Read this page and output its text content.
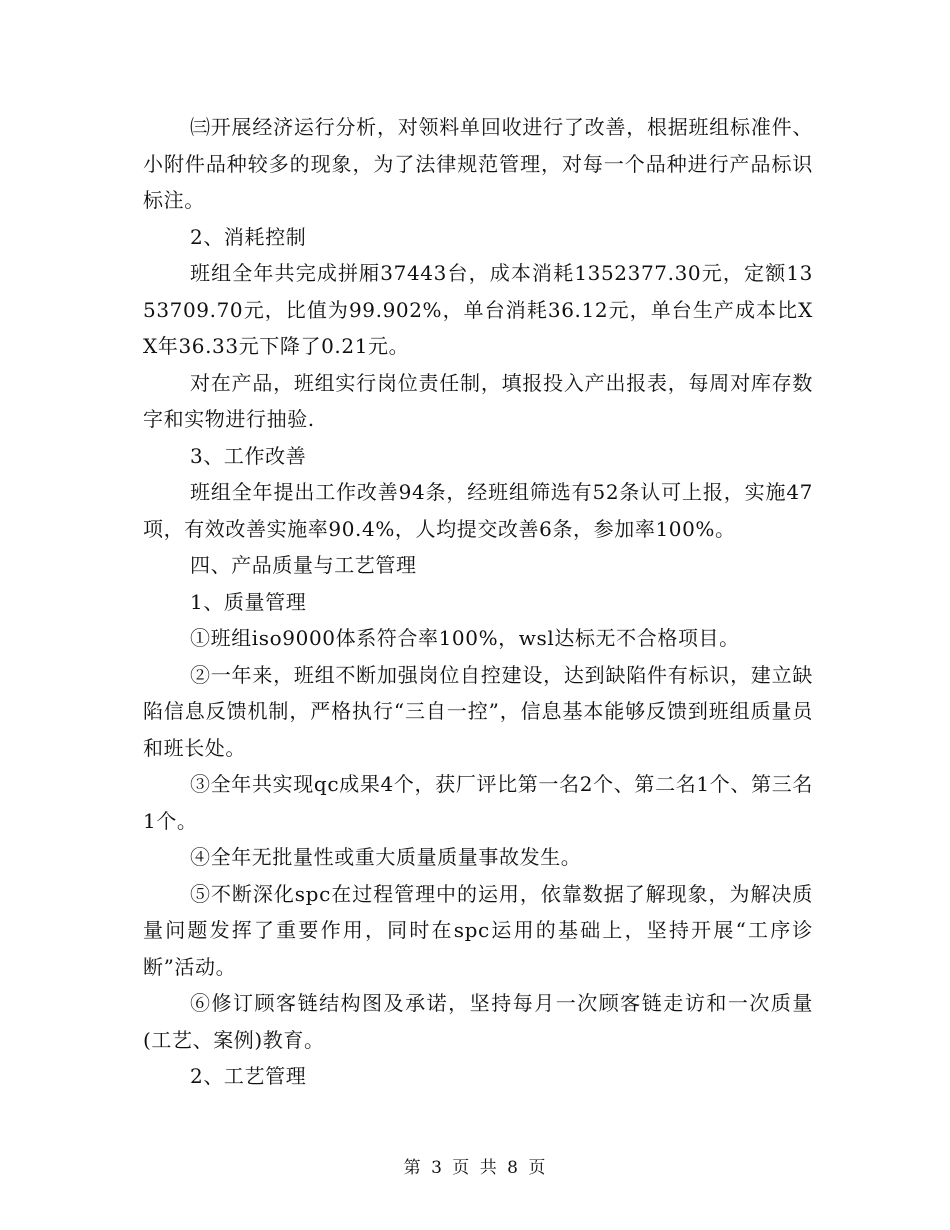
㈢开展经济运行分析，对领料单回收进行了改善，根据班组标准件、小附件品种较多的现象，为了法律规范管理，对每一个品种进行产品标识标注。

2、消耗控制

班组全年共完成拼厢37443台，成本消耗1352377.30元，定额1353709.70元，比值为99.902%，单台消耗36.12元，单台生产成本比XX年36.33元下降了0.21元。

对在产品，班组实行岗位责任制，填报投入产出报表，每周对库存数字和实物进行抽验.

3、工作改善

班组全年提出工作改善94条，经班组筛选有52条认可上报，实施47项，有效改善实施率90.4%，人均提交改善6条，参加率100%。

四、产品质量与工艺管理

1、质量管理

①班组iso9000体系符合率100%，wsl达标无不合格项目。

②一年来，班组不断加强岗位自控建设，达到缺陷件有标识，建立缺陷信息反馈机制，严格执行“三自一控”，信息基本能够反馈到班组质量员和班长处。

③全年共实现qc成果4个，获厂评比第一名2个、第二名1个、第三名1个。

④全年无批量性或重大质量质量事故发生。

⑤不断深化spc在过程管理中的运用，依靠数据了解现象，为解决质量问题发挥了重要作用，同时在spc运用的基础上，坚持开展“工序诊断”活动。

⑥修订顾客链结构图及承诺，坚持每月一次顾客链走访和一次质量(工艺、案例)教育。

2、工艺管理

第 3 页 共 8 页
